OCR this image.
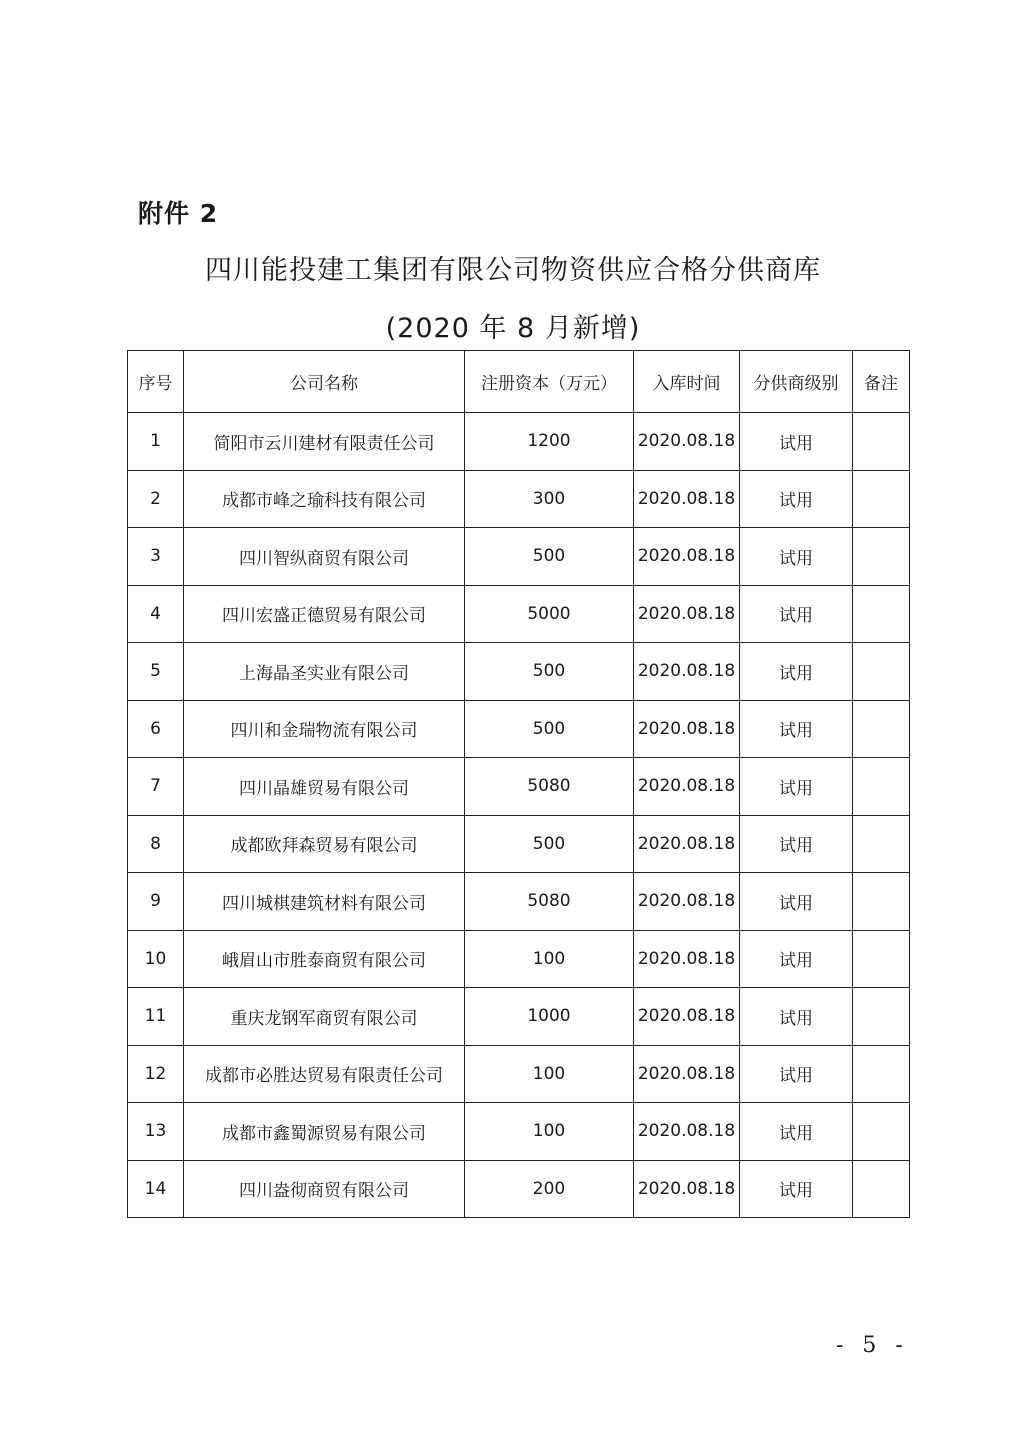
附件 2
四川能投建工集团有限公司物资供应合格分供商库
(2020 年 8 月新增)
序号	公司名称	注册资本（万元）	入库时间	分供商级别	备注
1	简阳市云川建材有限责任公司	1200	2020.08.18	试用	
2	成都市峰之瑜科技有限公司	300	2020.08.18	试用	
3	四川智纵商贸有限公司	500	2020.08.18	试用	
4	四川宏盛正德贸易有限公司	5000	2020.08.18	试用	
5	上海晶圣实业有限公司	500	2020.08.18	试用	
6	四川和金瑞物流有限公司	500	2020.08.18	试用	
7	四川晶雄贸易有限公司	5080	2020.08.18	试用	
8	成都欧拜森贸易有限公司	500	2020.08.18	试用	
9	四川城棋建筑材料有限公司	5080	2020.08.18	试用	
10	峨眉山市胜泰商贸有限公司	100	2020.08.18	试用	
11	重庆龙钢军商贸有限公司	1000	2020.08.18	试用	
12	成都市必胜达贸易有限责任公司	100	2020.08.18	试用	
13	成都市鑫蜀源贸易有限公司	100	2020.08.18	试用	
14	四川盎彻商贸有限公司	200	2020.08.18	试用	
- 5 -
